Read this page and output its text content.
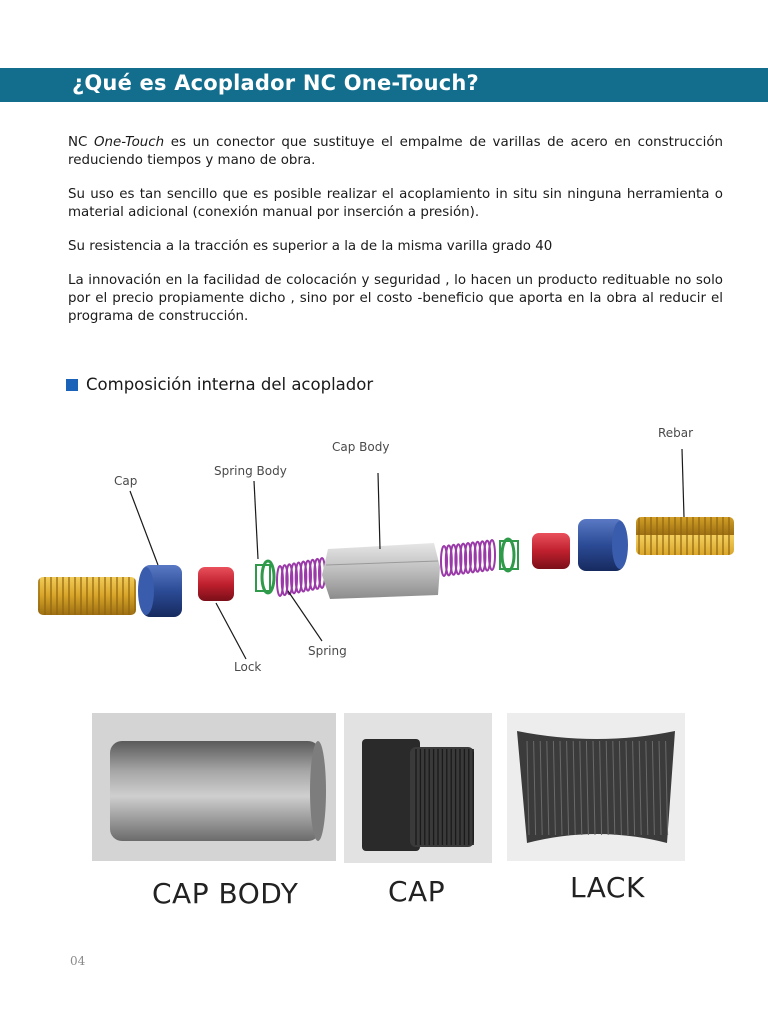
¿Qué es Acoplador NC One-Touch?

NC One-Touch es un conector que sustituye el empalme de varillas de acero en construcción reduciendo tiempos y mano de obra.

Su uso es tan sencillo que es posible realizar el acoplamiento in situ sin ninguna herramienta o material adicional (conexión manual por inserción a presión).

Su resistencia a la tracción es superior a la de la misma varilla grado 40

La innovación en la facilidad de colocación y seguridad , lo hacen un producto redituable no solo por el precio propiamente dicho , sino por el costo -beneficio que aporta en la obra al reducir el programa de construcción.

Composición interna del acoplador
Cap
Spring Body
Cap Body
Rebar
Lock
Spring
CAP BODY	CAP	LACK
04
